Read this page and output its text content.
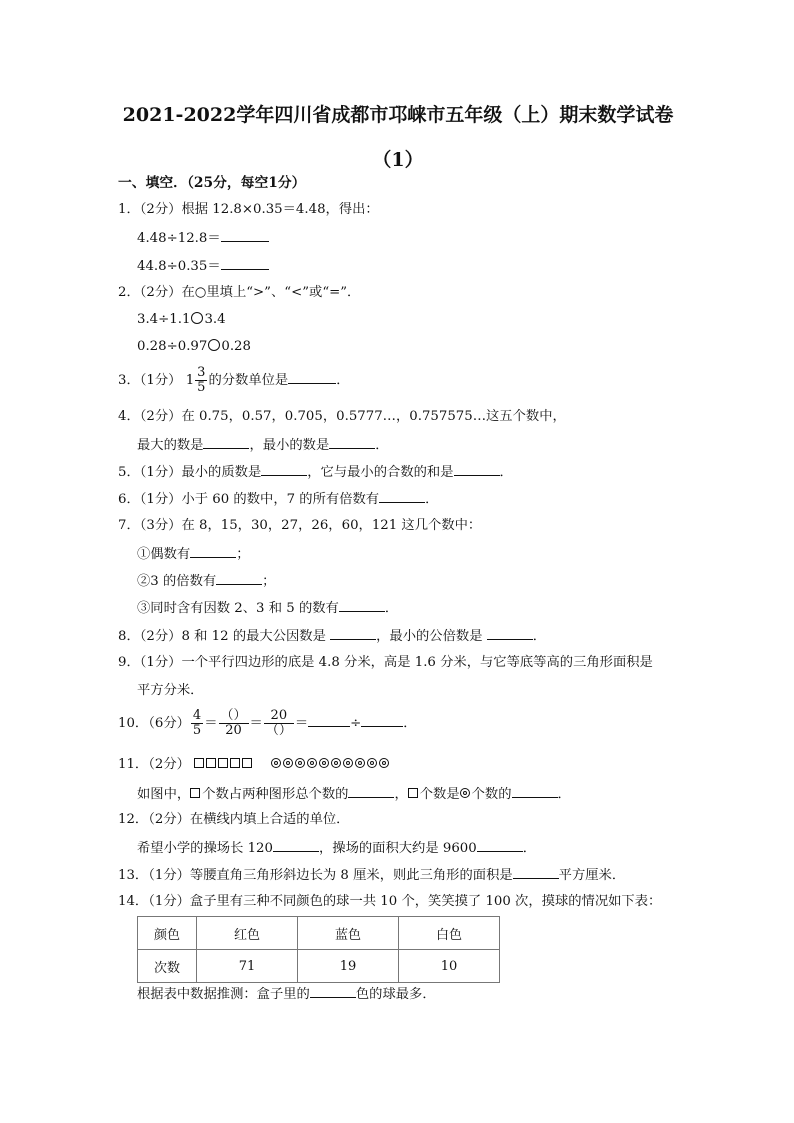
2021-2022学年四川省成都市邛崃市五年级（上）期末数学试卷（1）
一、填空．（25分，每空1分）
1．（2分）根据 12.8×0.35＝4.48，得出：
4.48÷12.8＝
44.8÷0.35＝
2．（2分）在○里填上“>”、“<”或“=”．
3.4÷1.1 3.4
0.28÷0.97 0.28
3．（1分） $1 \frac{3}{5}$ 的分数单位是	．
4．（2分）在 0.75，0.57，0.705，0.5777…，0.757575…这五个数中，
最大的数是	，最小的数是	．
5．（1分）最小的质数是	，它与最小的合数的和是	．
6．（1分）小于 60 的数中，7 的所有倍数有	．
7．（3分）在 8，15，30，27，26，60，121 这几个数中：
①偶数有	；
②3 的倍数有	；
③同时含有因数 2、3 和 5 的数有	．
8．（2分）8 和 12 的最大公因数是	，最小的公倍数是	．
9．（1分）一个平行四边形的底是 4.8 分米，高是 1.6 分米，与它等底等高的三角形面积是
平方分米．
10．（6分） $\frac{4}{5} = \frac{()}{20} = \frac{20}{()}$ ＝	÷	．
11．（2分）
如图中， 个数占两种图形总个数的	， 个数是 个数的	．
12．（2分）在横线内填上合适的单位．
希望小学的操场长 120	，操场的面积大约是 9600	．
13．（1分）等腰直角三角形斜边长为 8 厘米，则此三角形的面积是	平方厘米．
14．（1分）盒子里有三种不同颜色的球一共 10 个，笑笑摸了 100 次，摸球的情况如下表：
颜色	红色	蓝色	白色
次数	71	19	10
根据表中数据推测：盒子里的	色的球最多．
